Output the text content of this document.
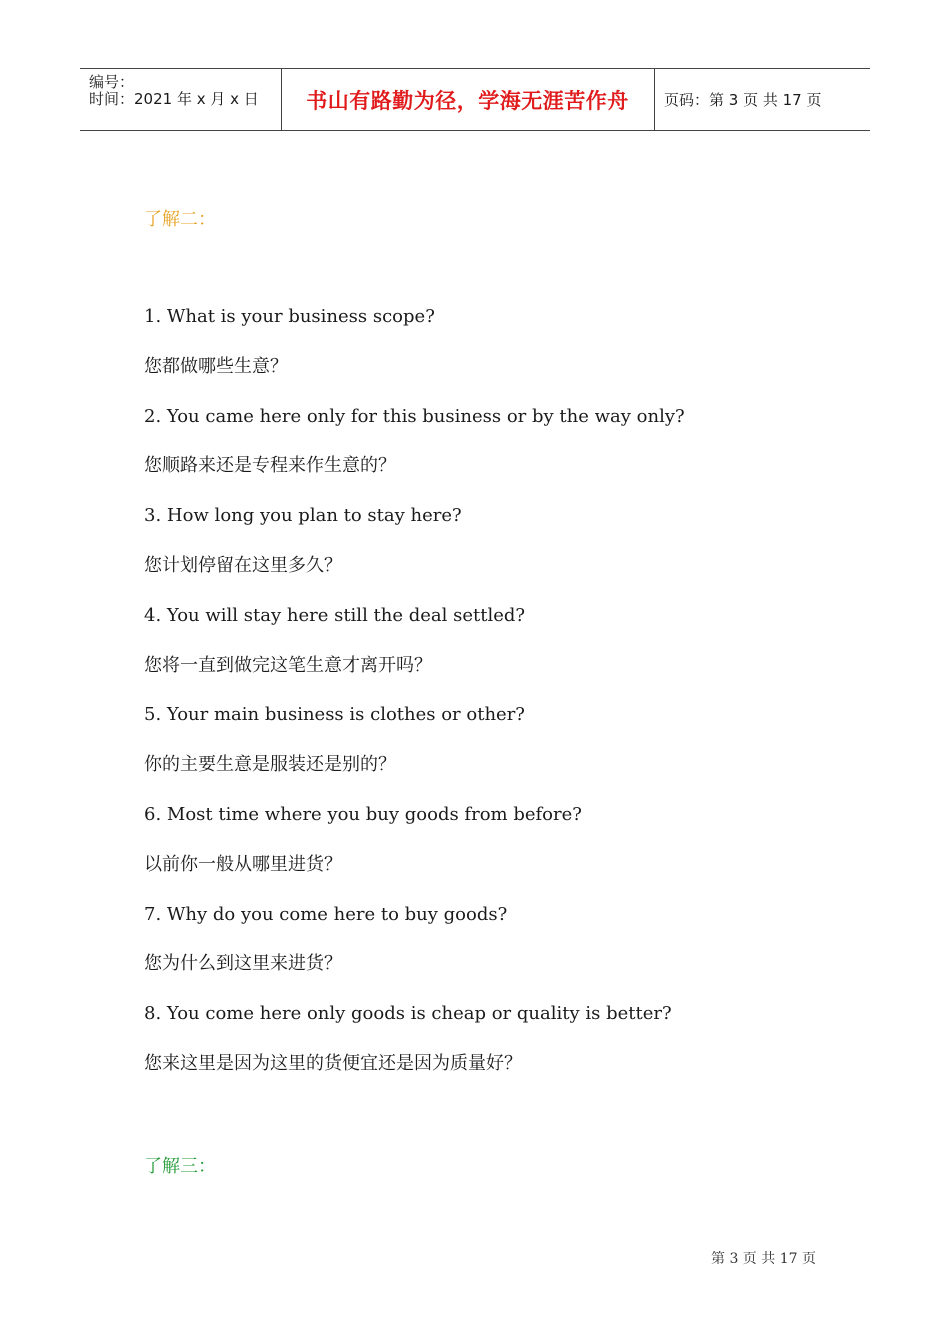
编号：
时间：2021 年 x 月 x 日 书山有路勤为径，学海无涯苦作舟	页码：第 3 页 共 17 页
了解二：
1. What is your business scope?
您都做哪些生意？
2. You came here only for this business or by the way only?
您顺路来还是专程来作生意的？
3. How long you plan to stay here?
您计划停留在这里多久？
4. You will stay here still the deal settled?
您将一直到做完这笔生意才离开吗？
5. Your main business is clothes or other?
你的主要生意是服装还是别的？
6. Most time where you buy goods from before?
以前你一般从哪里进货？
7. Why do you come here to buy goods?
您为什么到这里来进货？
8. You come here only goods is cheap or quality is better?
您来这里是因为这里的货便宜还是因为质量好？
了解三：
第 3 页 共 17 页
